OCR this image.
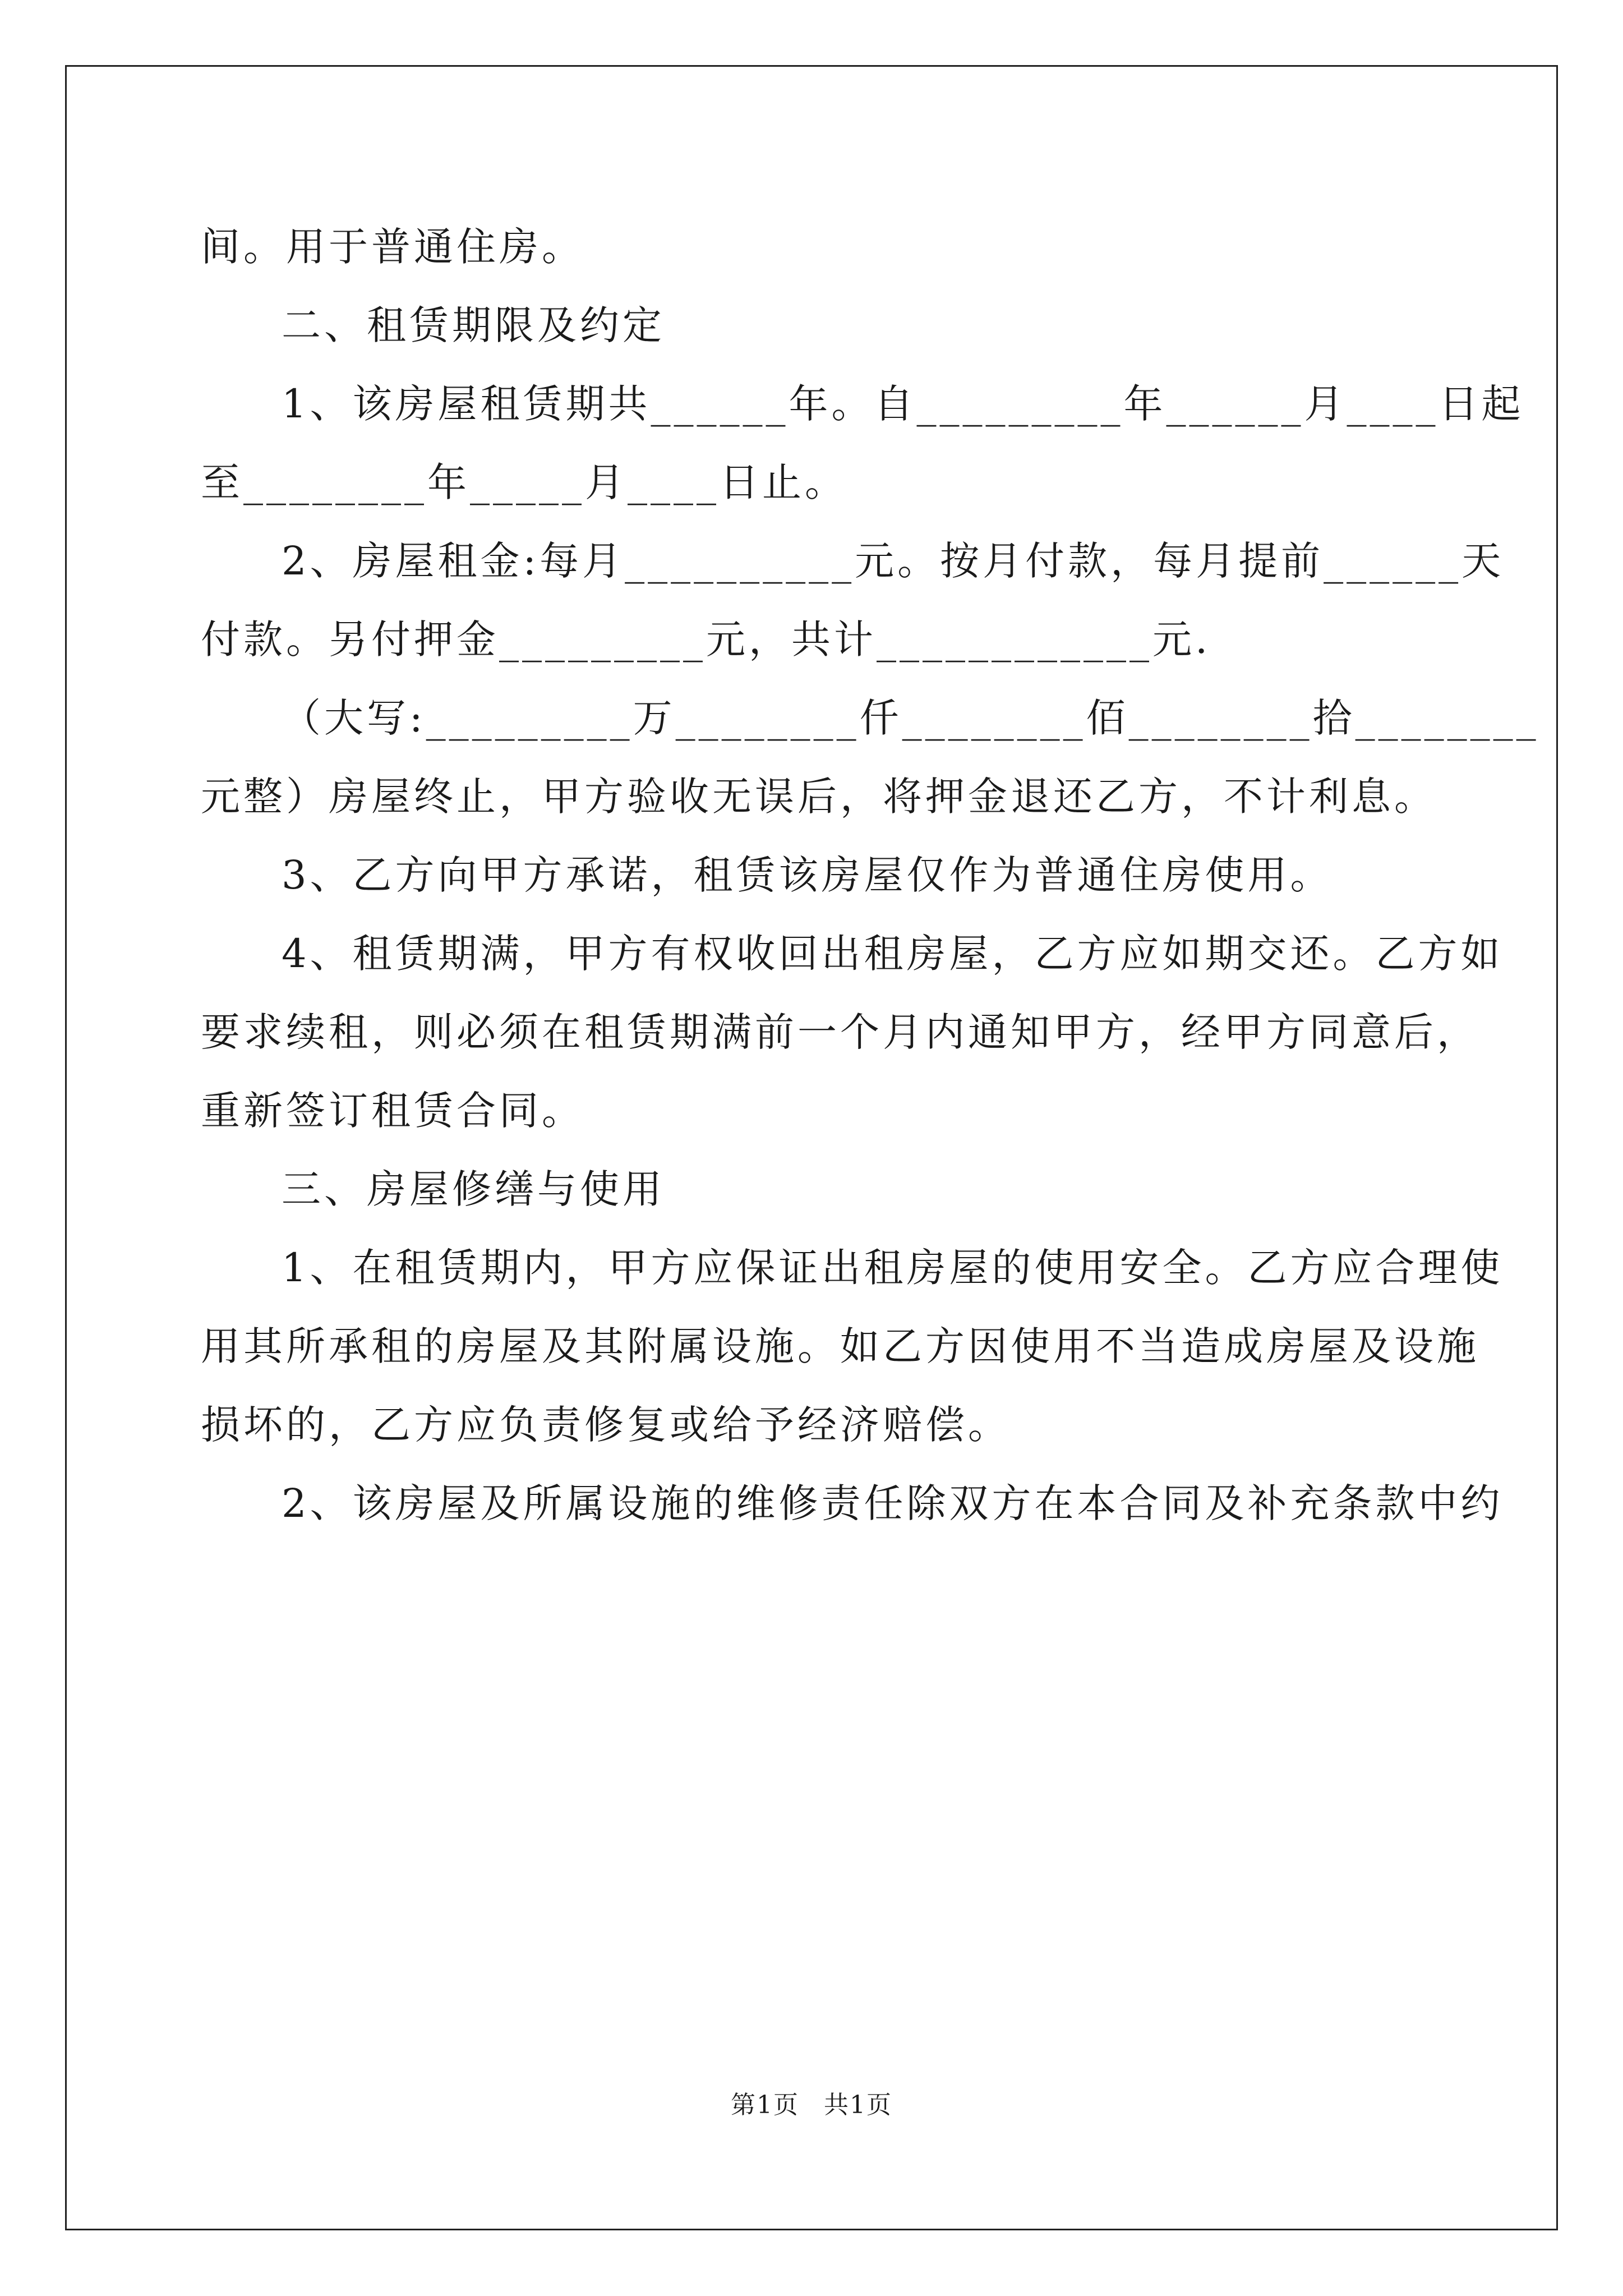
间。用于普通住房。
二、租赁期限及约定
1、该房屋租赁期共______年。自_________年______月____日起
至________年_____月____日止。
2、房屋租金:每月__________元。按月付款，每月提前______天
付款。另付押金_________元，共计____________元.
（大写:_________万________仟________佰________拾________
元整）房屋终止，甲方验收无误后，将押金退还乙方，不计利息。
3、乙方向甲方承诺，租赁该房屋仅作为普通住房使用。
4、租赁期满，甲方有权收回出租房屋，乙方应如期交还。乙方如
要求续租，则必须在租赁期满前一个月内通知甲方，经甲方同意后，
重新签订租赁合同。
三、房屋修缮与使用
1、在租赁期内，甲方应保证出租房屋的使用安全。乙方应合理使
用其所承租的房屋及其附属设施。如乙方因使用不当造成房屋及设施
损坏的，乙方应负责修复或给予经济赔偿。
2、该房屋及所属设施的维修责任除双方在本合同及补充条款中约
第1页 共1页
